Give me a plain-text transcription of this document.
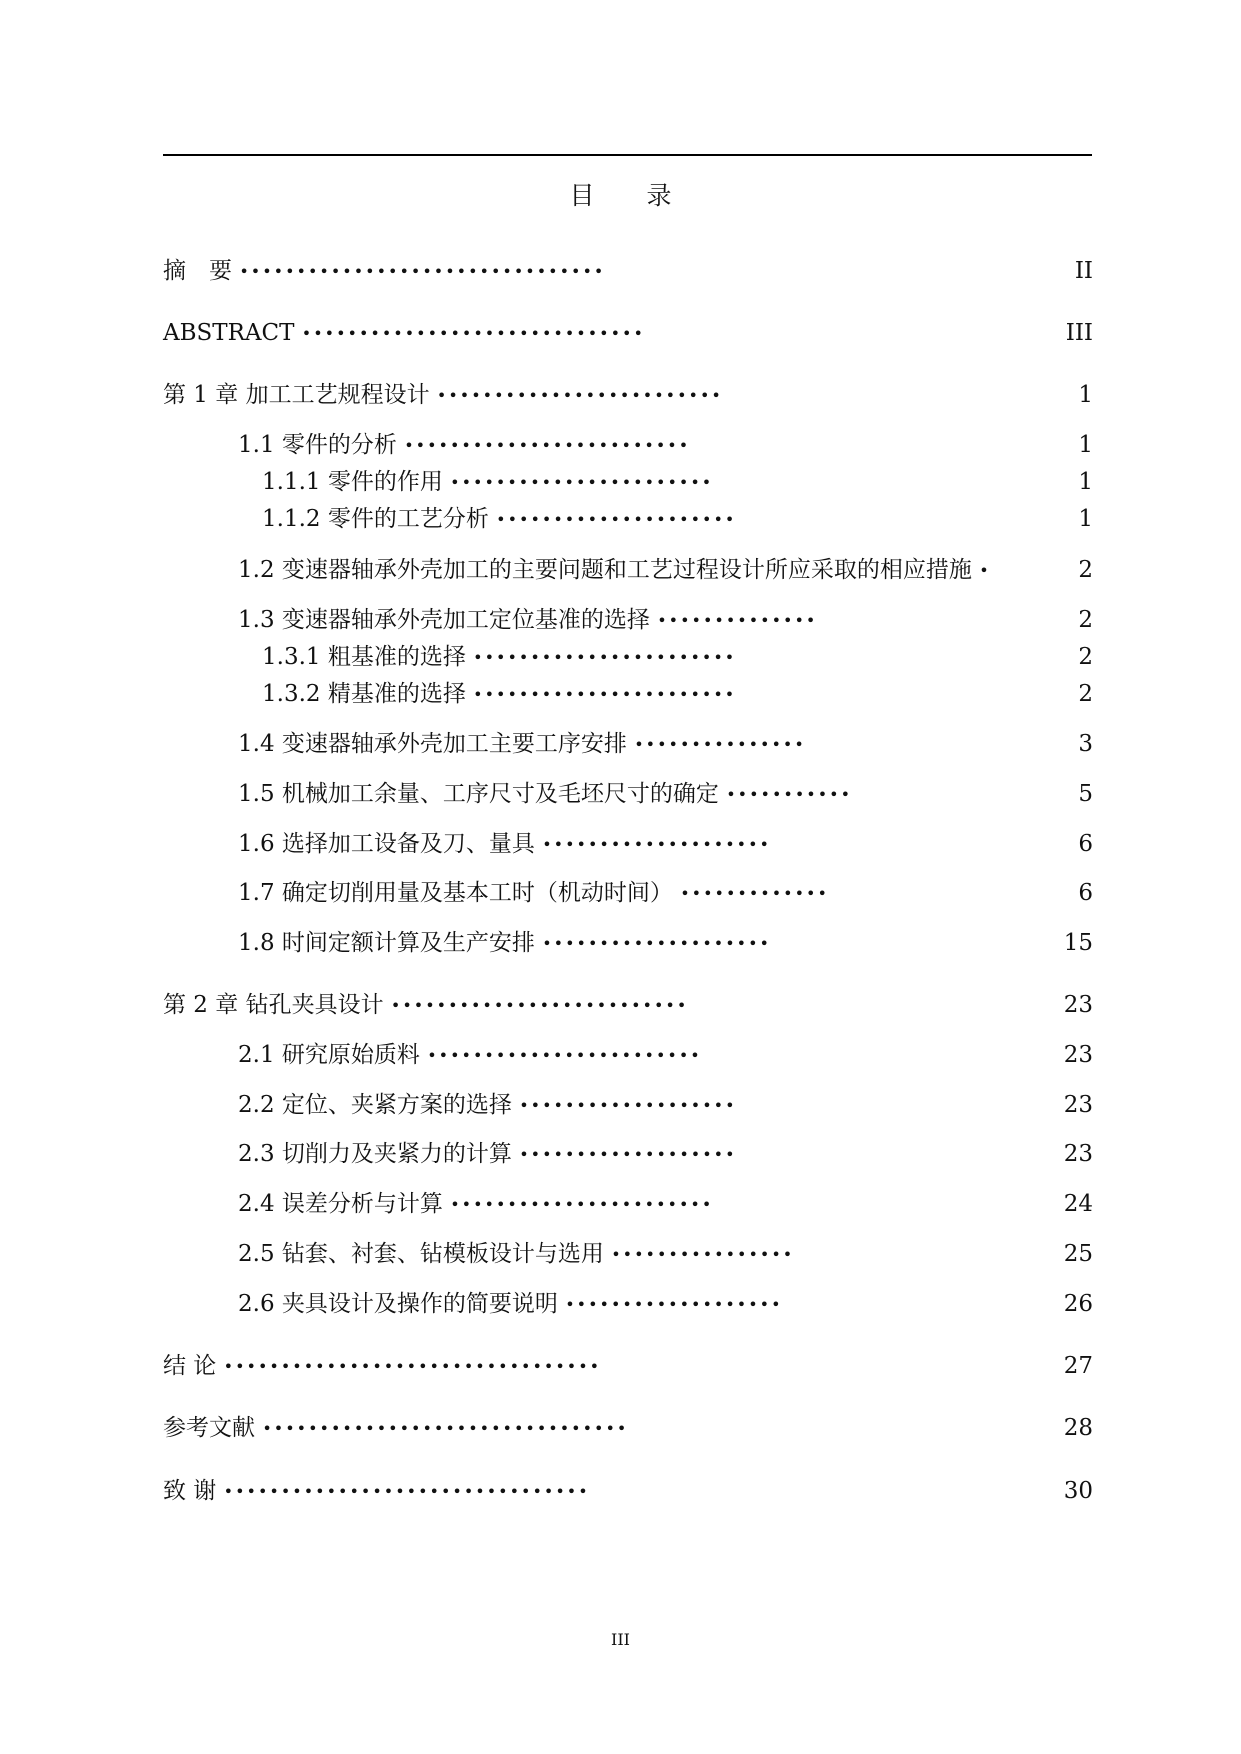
目 录
摘　要 ••••••••••••••••••••••••••••••••	II
ABSTRACT ••••••••••••••••••••••••••••••	III
第 1 章 加工工艺规程设计 •••••••••••••••••••••••••	1
1.1 零件的分析 •••••••••••••••••••••••••	1
1.1.1 零件的作用 •••••••••••••••••••••••	1
1.1.2 零件的工艺分析 •••••••••••••••••••••	1
1.2 变速器轴承外壳加工的主要问题和工艺过程设计所应采取的相应措施 •	2
1.3 变速器轴承外壳加工定位基准的选择 ••••••••••••••	2
1.3.1 粗基准的选择 •••••••••••••••••••••••	2
1.3.2 精基准的选择 •••••••••••••••••••••••	2
1.4 变速器轴承外壳加工主要工序安排 •••••••••••••••	3
1.5 机械加工余量、工序尺寸及毛坯尺寸的确定 •••••••••••	5
1.6 选择加工设备及刀、量具 ••••••••••••••••••••	6
1.7 确定切削用量及基本工时（机动时间） •••••••••••••	6
1.8 时间定额计算及生产安排 ••••••••••••••••••••	15
第 2 章 钻孔夹具设计 ••••••••••••••••••••••••••	23
2.1 研究原始质料 ••••••••••••••••••••••••	23
2.2 定位、夹紧方案的选择 •••••••••••••••••••	23
2.3 切削力及夹紧力的计算 •••••••••••••••••••	23
2.4 误差分析与计算 •••••••••••••••••••••••	24
2.5 钻套、衬套、钻模板设计与选用 ••••••••••••••••	25
2.6 夹具设计及操作的简要说明 •••••••••••••••••••	26
结 论 •••••••••••••••••••••••••••••••••	27
参考文献 ••••••••••••••••••••••••••••••••	28
致 谢 ••••••••••••••••••••••••••••••••	30
III
